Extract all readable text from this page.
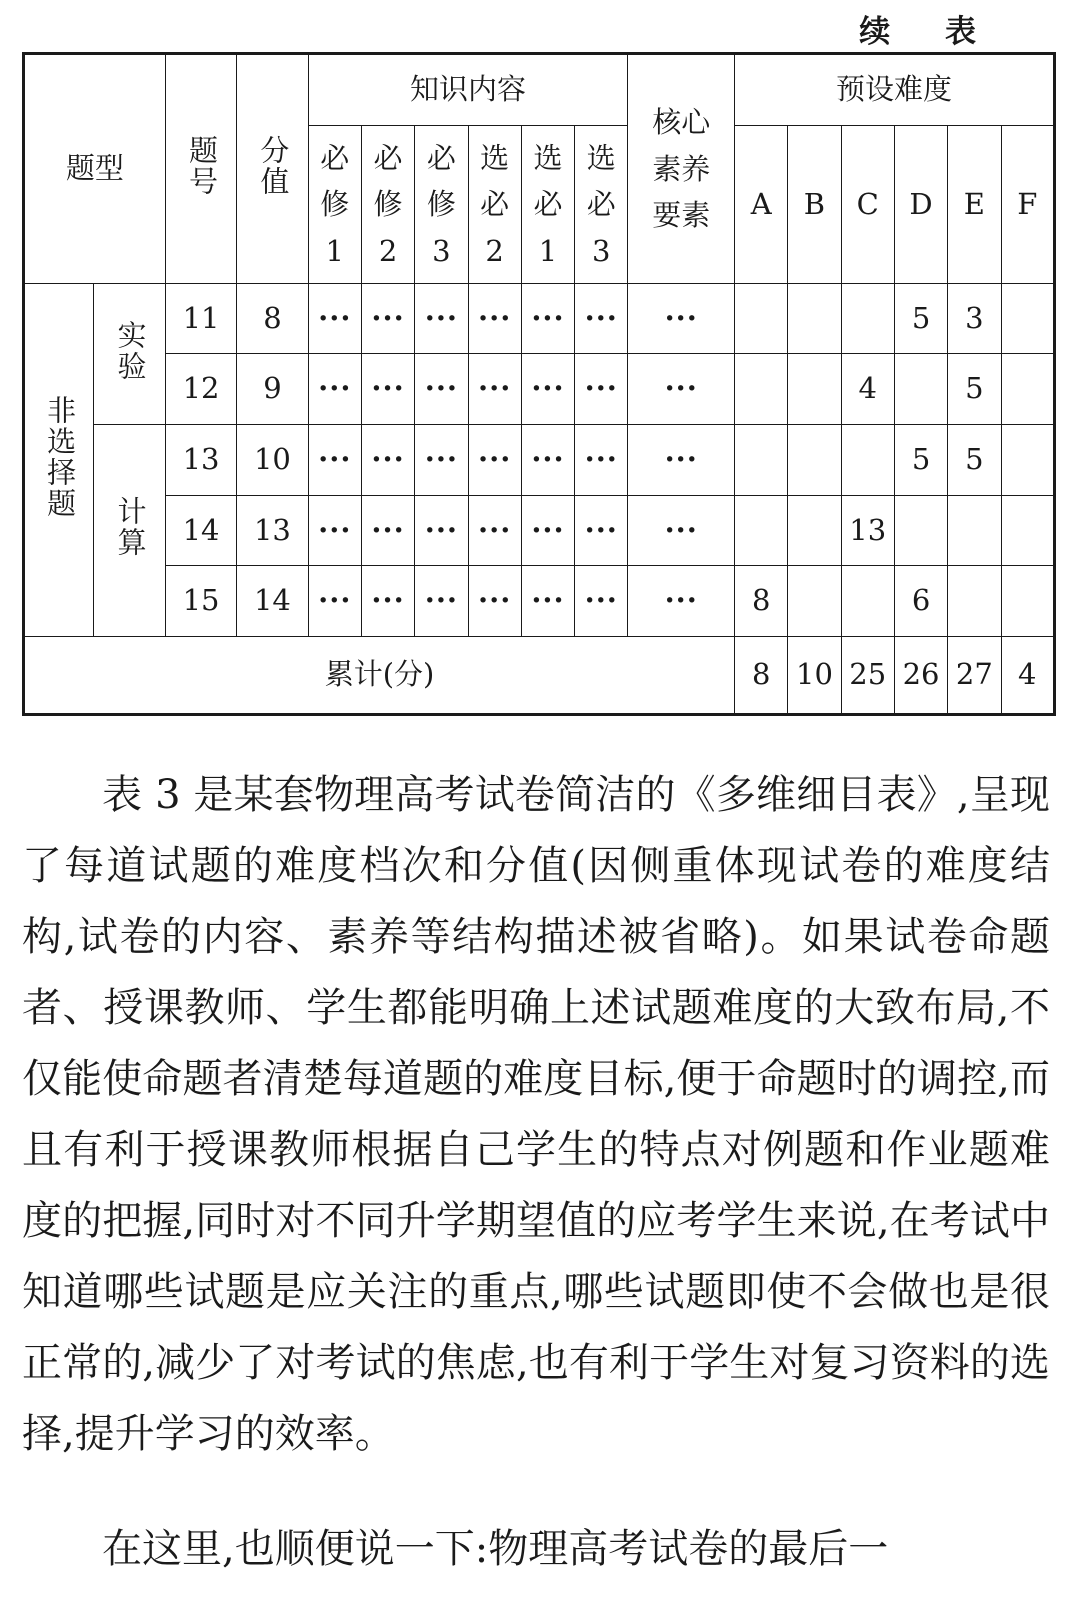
续 表
题型		题号	分值	知识内容						核心素养要素	预设难度					

				必修1	必修2	必修3	选必2	选必1	选必3		A	B	C	D	E	F
非选择题	实验	11	8	···	···	···	···	···	···	···				5	3	
		12	9	···	···	···	···	···	···	···			4		5	
	计算	13	10	···	···	···	···	···	···	···				5	5	
		14	13	···	···	···	···	···	···	···			13			
		15	14	···	···	···	···	···	···	···	8			6		
累计(分)											8	10	25	26	27	4

表 3 是某套物理高考试卷简洁的《多维细目表》,呈现了每道试题的难度档次和分值(因侧重体现试卷的难度结构,试卷的内容、素养等结构描述被省略)。如果试卷命题者、授课教师、学生都能明确上述试题难度的大致布局,不仅能使命题者清楚每道题的难度目标,便于命题时的调控,而且有利于授课教师根据自己学生的特点对例题和作业题难度的把握,同时对不同升学期望值的应考学生来说,在考试中知道哪些试题是应关注的重点,哪些试题即使不会做也是很正常的,减少了对考试的焦虑,也有利于学生对复习资料的选择,提升学习的效率。

在这里,也顺便说一下:物理高考试卷的最后一
